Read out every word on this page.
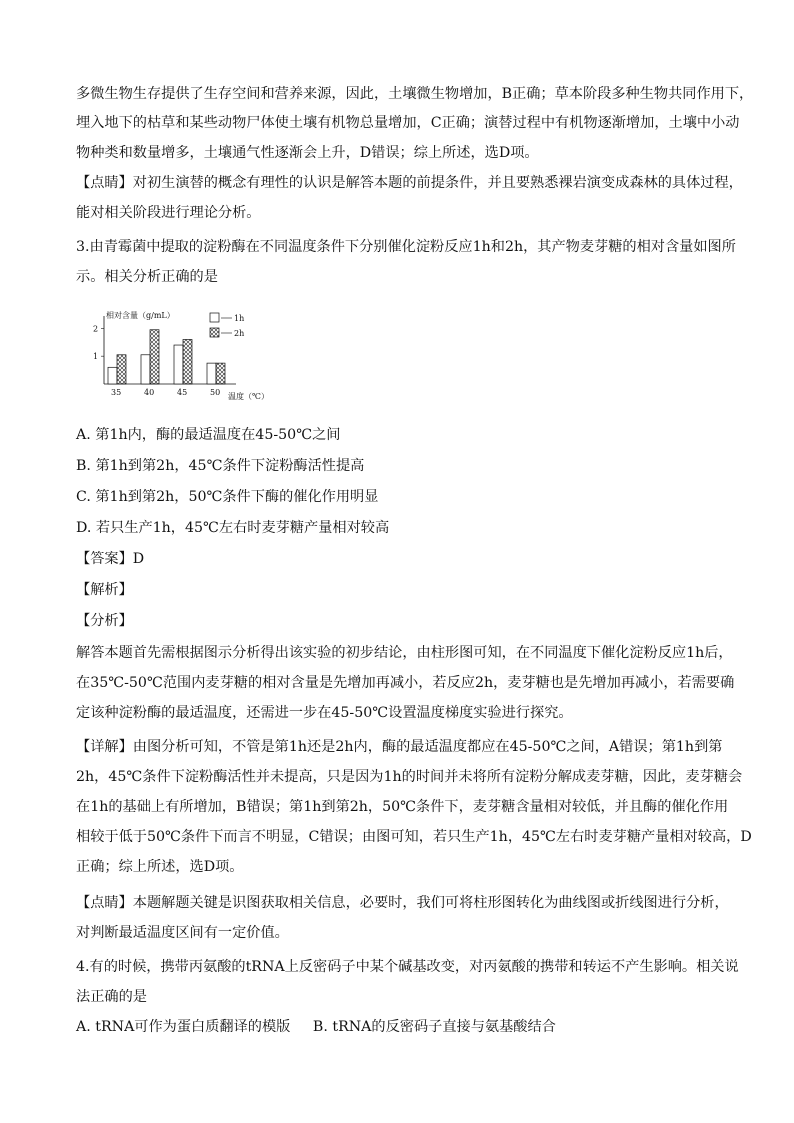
多微生物生存提供了生存空间和营养来源，因此，土壤微生物增加，B正确；草本阶段多种生物共同作用下，
埋入地下的枯草和某些动物尸体使土壤有机物总量增加，C正确；演替过程中有机物逐渐增加，土壤中小动
物种类和数量增多，土壤通气性逐渐会上升，D错误；综上所述，选D项。
【点睛】对初生演替的概念有理性的认识是解答本题的前提条件，并且要熟悉裸岩演变成森林的具体过程，
能对相关阶段进行理论分析。
3.由青霉菌中提取的淀粉酶在不同温度条件下分别催化淀粉反应1h和2h，其产物麦芽糖的相对含量如图所
示。相关分析正确的是
相对含量（g/mL）
1
2
35	40	45	50 温度（℃）
1h
2h
A. 第1h内，酶的最适温度在45-50℃之间
B. 第1h到第2h，45℃条件下淀粉酶活性提高
C. 第1h到第2h，50℃条件下酶的催化作用明显
D. 若只生产1h，45℃左右时麦芽糖产量相对较高
【答案】D
【解析】
【分析】
解答本题首先需根据图示分析得出该实验的初步结论，由柱形图可知，在不同温度下催化淀粉反应1h后，
在35℃-50℃范围内麦芽糖的相对含量是先增加再减小，若反应2h，麦芽糖也是先增加再减小，若需要确
定该种淀粉酶的最适温度，还需进一步在45-50℃设置温度梯度实验进行探究。
【详解】由图分析可知，不管是第1h还是2h内，酶的最适温度都应在45-50℃之间，A错误；第1h到第
2h，45℃条件下淀粉酶活性并未提高，只是因为1h的时间并未将所有淀粉分解成麦芽糖，因此，麦芽糖会
在1h的基础上有所增加，B错误；第1h到第2h，50℃条件下，麦芽糖含量相对较低，并且酶的催化作用
相较于低于50℃条件下而言不明显，C错误；由图可知，若只生产1h，45℃左右时麦芽糖产量相对较高，D
正确；综上所述，选D项。
【点睛】本题解题关键是识图获取相关信息，必要时，我们可将柱形图转化为曲线图或折线图进行分析，
对判断最适温度区间有一定价值。
4.有的时候，携带丙氨酸的tRNA上反密码子中某个碱基改变，对丙氨酸的携带和转运不产生影响。相关说
法正确的是
A. tRNA可作为蛋白质翻译的模版     B. tRNA的反密码子直接与氨基酸结合
